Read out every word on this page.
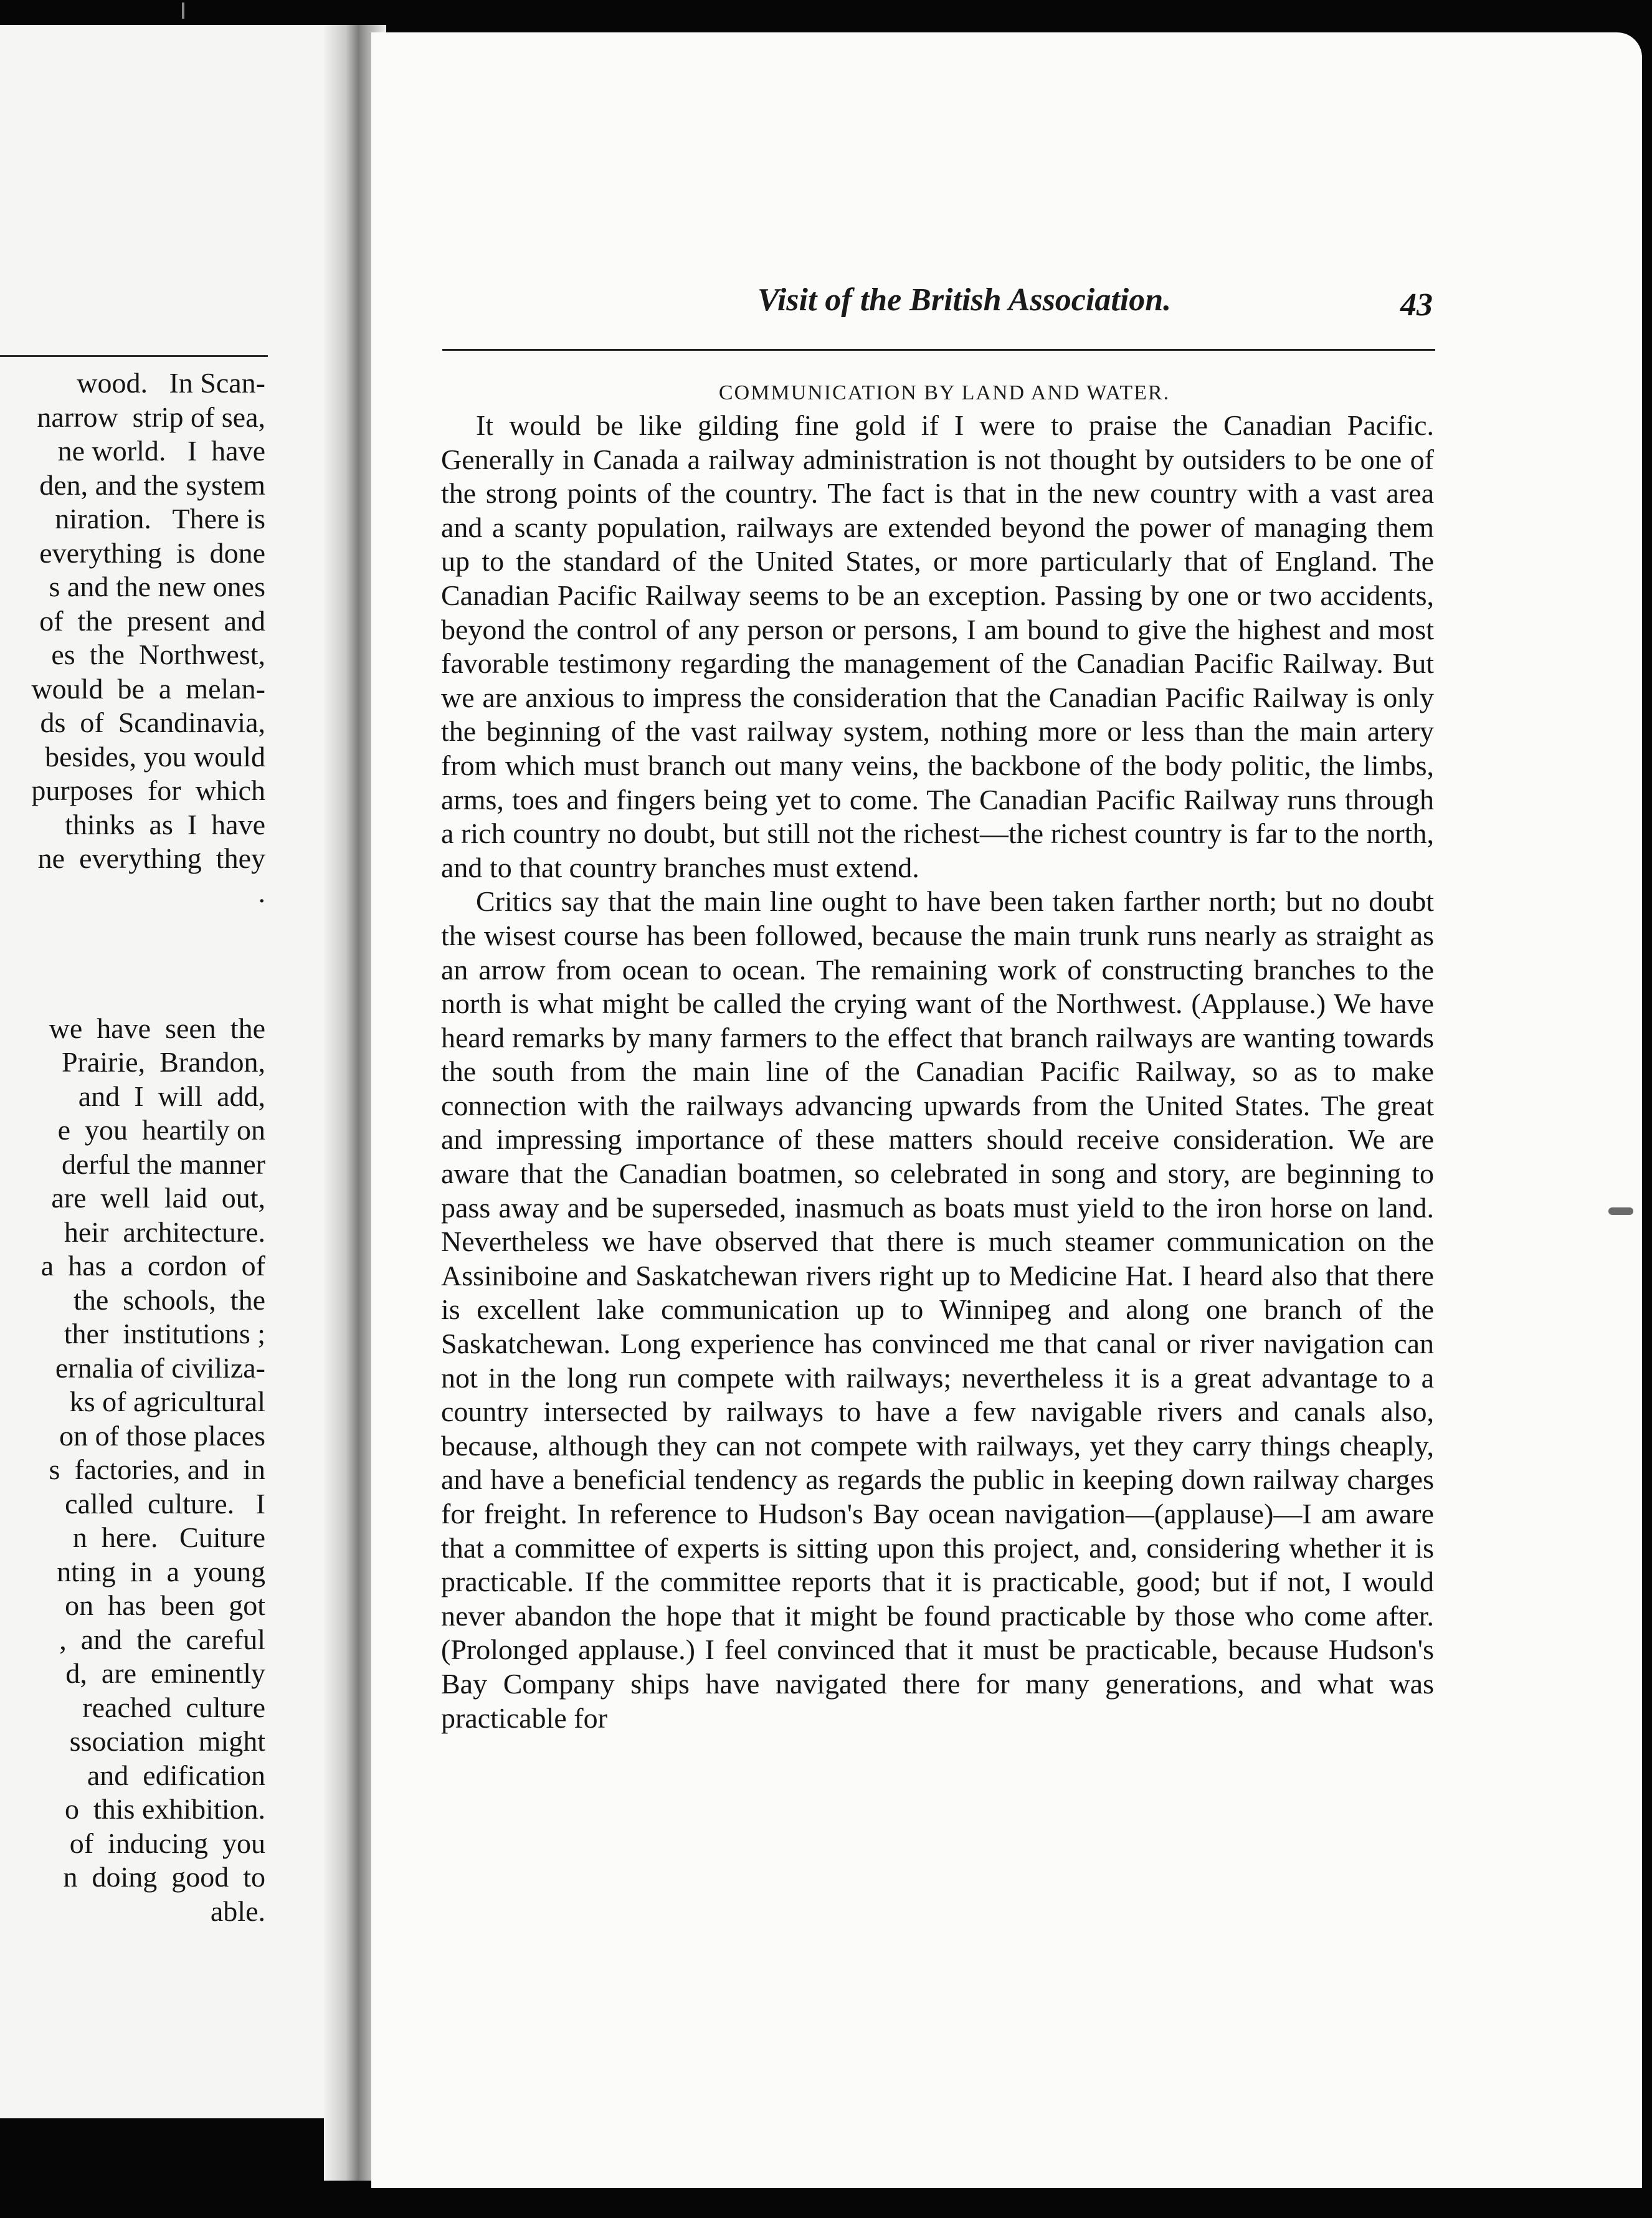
wood.   In Scan-
narrow  strip of sea,
ne world.   I  have
den, and the system
niration.   There is
everything  is  done
s and the new ones
of  the  present  and
es  the  Northwest,
would  be  a  melan-
ds  of  Scandinavia,
besides, you would
purposes  for  which
thinks  as  I  have
ne  everything  they
.
we  have  seen  the
Prairie,  Brandon,
and  I  will  add,
e  you  heartily on
derful the manner
are  well  laid  out,
heir  architecture.
a  has  a  cordon  of
the  schools,  the
ther  institutions ;
ernalia of civiliza-
ks of agricultural
on of those places
s  factories, and  in
called  culture.   I
n  here.   Cuiture
nting  in  a  young
on  has  been  got
,  and  the  careful
d,  are  eminently
reached  culture
ssociation  might
and  edification
o  this exhibition.
of  inducing  you
n  doing  good  to
able.
Visit of the British Association.	43
COMMUNICATION BY LAND AND WATER.

It would be like gilding fine gold if I were to praise the Canadian Pacific. Generally in Canada a railway administration is not thought by outsiders to be one of the strong points of the country. The fact is that in the new country with a vast area and a scanty population, railways are extended beyond the power of managing them up to the standard of the United States, or more particularly that of England. The Canadian Pacific Railway seems to be an exception. Passing by one or two accidents, beyond the control of any person or persons, I am bound to give the highest and most favorable testimony regarding the management of the Canadian Pacific Railway. But we are anxious to impress the consideration that the Canadian Pacific Railway is only the beginning of the vast railway system, nothing more or less than the main artery from which must branch out many veins, the backbone of the body politic, the limbs, arms, toes and fingers being yet to come. The Canadian Pacific Railway runs through a rich country no doubt, but still not the richest—the richest country is far to the north, and to that country branches must extend.

Critics say that the main line ought to have been taken farther north; but no doubt the wisest course has been followed, because the main trunk runs nearly as straight as an arrow from ocean to ocean. The remaining work of constructing branches to the north is what might be called the crying want of the Northwest. (Applause.) We have heard remarks by many farmers to the effect that branch railways are wanting towards the south from the main line of the Canadian Pacific Railway, so as to make connection with the railways advancing upwards from the United States. The great and impressing importance of these matters should receive consideration. We are aware that the Canadian boatmen, so celebrated in song and story, are beginning to pass away and be superseded, inasmuch as boats must yield to the iron horse on land. Nevertheless we have observed that there is much steamer communication on the Assiniboine and Saskatchewan rivers right up to Medicine Hat. I heard also that there is excellent lake communication up to Winnipeg and along one branch of the Saskatchewan. Long experience has convinced me that canal or river navigation can not in the long run compete with railways; nevertheless it is a great advantage to a country intersected by railways to have a few navigable rivers and canals also, because, although they can not compete with railways, yet they carry things cheaply, and have a beneficial tendency as regards the public in keeping down railway charges for freight. In reference to Hudson's Bay ocean navigation—(applause)—I am aware that a committee of experts is sitting upon this project, and, considering whether it is practicable. If the committee reports that it is practicable, good; but if not, I would never abandon the hope that it might be found practicable by those who come after. (Prolonged applause.) I feel convinced that it must be practicable, because Hudson's Bay Company ships have navigated there for many generations, and what was practicable for
